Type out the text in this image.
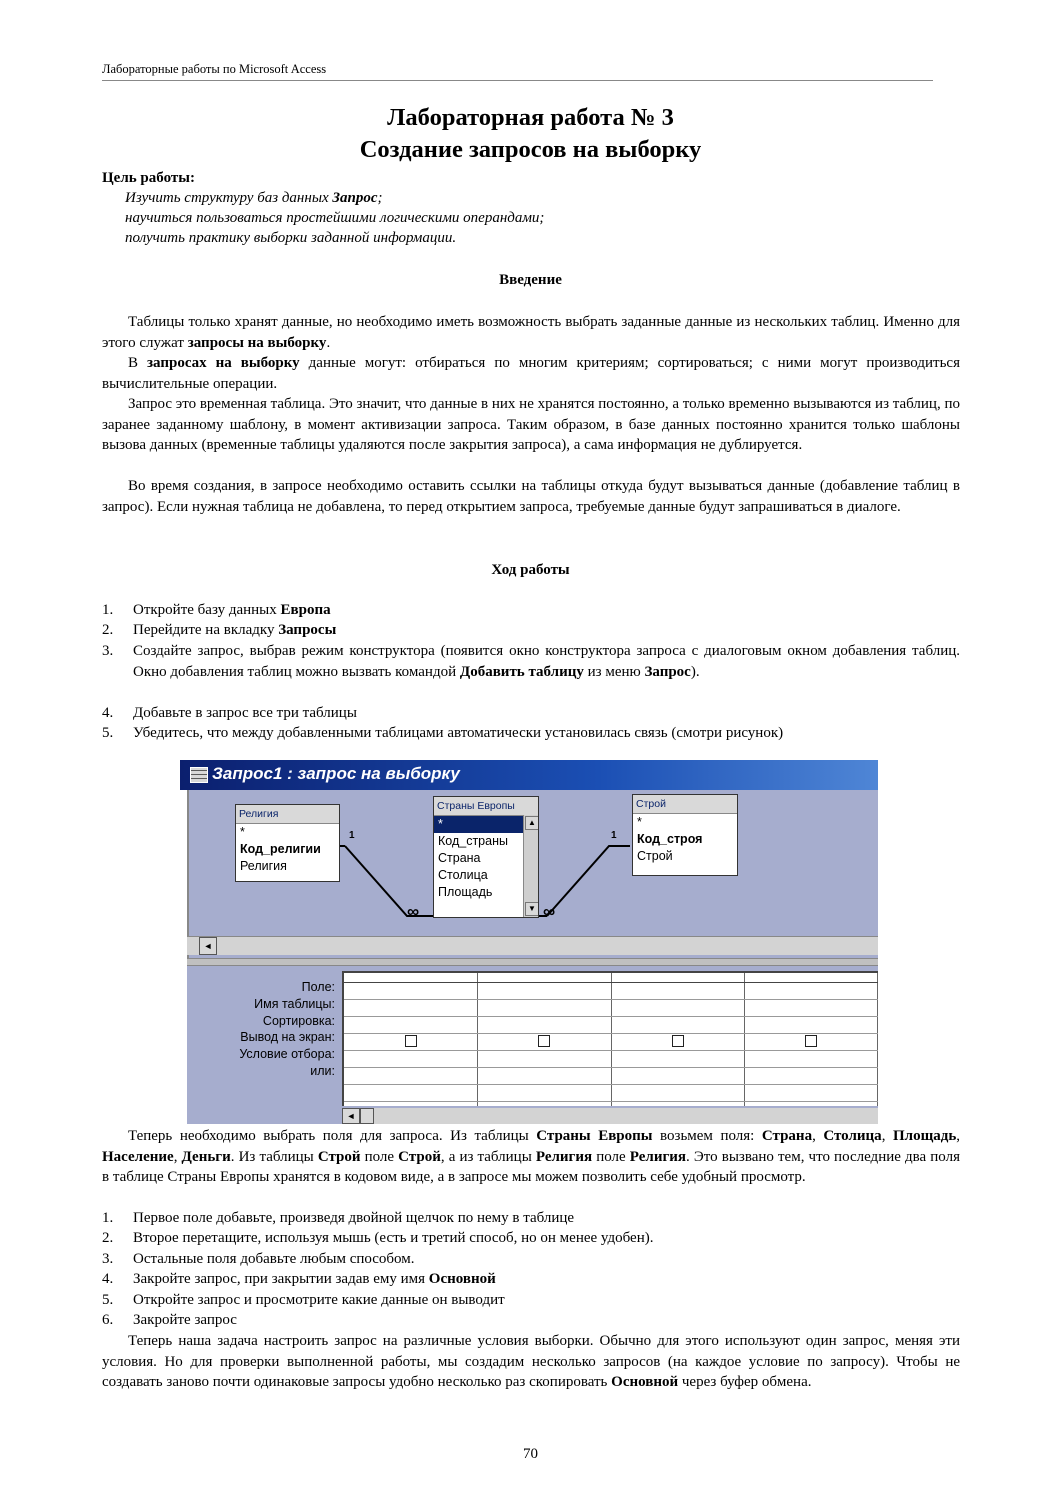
Лабораторные работы по Microsoft Access
Лабораторная работа № 3
Создание запросов на выборку
Цель работы:
Изучить структуру баз данных Запрос;
научиться пользоваться простейшими логическими операндами;
получить практику выборки заданной информации.
Введение
Таблицы только хранят данные, но необходимо иметь возможность выбрать заданные данные из нескольких таблиц. Именно для этого служат запросы на выборку.
В запросах на выборку данные могут: отбираться по многим критериям; сортироваться; с ними могут производиться вычислительные операции.
Запрос это временная таблица. Это значит, что данные в них не хранятся постоянно, а только временно вызываются из таблиц, по заранее заданному шаблону, в момент активизации запроса. Таким образом, в базе данных постоянно хранится только шаблоны вызова данных (временные таблицы удаляются после закрытия запроса), а сама информация не дублируется.
Во время создания, в запросе необходимо оставить ссылки на таблицы откуда будут вызываться данные (добавление таблиц в запрос). Если нужная таблица не добавлена, то перед открытием запроса, требуемые данные будут запрашиваться в диалоге.
Ход работы
1. Откройте базу данных Европа
2. Перейдите на вкладку Запросы
3. Создайте запрос, выбрав режим конструктора (появится окно конструктора запроса с диалоговым окном добавления таблиц. Окно добавления таблиц можно вызвать командой Добавить таблицу из меню Запрос).
4. Добавьте в запрос все три таблицы
5. Убедитесь, что между добавленными таблицами автоматически установилась связь (смотри рисунок)
Запрос1 : запрос на выборку
1
∞
1
∞
Религия
*
Код_религии
Религия
Страны Европы
*
Код_страны
Страна
Столица
Площадь
▲
▼
Строй
*
Код_строя
Строй
◄
Поле:
Имя таблицы:
Сортировка:
Вывод на экран:
Условие отбора:
или:
◄
Теперь необходимо выбрать поля для запроса. Из таблицы Страны Европы возьмем поля: Страна, Столица, Площадь, Население, Деньги. Из таблицы Строй поле Строй, а из таблицы Религия поле Религия. Это вызвано тем, что последние два поля в таблице Страны Европы хранятся в кодовом виде, а в запросе мы можем позволить себе удобный просмотр.
1. Первое поле добавьте, произведя двойной щелчок по нему в таблице
2. Второе перетащите, используя мышь (есть и третий способ, но он менее удобен).
3. Остальные поля добавьте любым способом.
4. Закройте запрос, при закрытии задав ему имя Основной
5. Откройте запрос и просмотрите какие данные он выводит
6. Закройте запрос
Теперь наша задача настроить запрос на различные условия выборки. Обычно для этого используют один запрос, меняя эти условия. Но для проверки выполненной работы, мы создадим несколько запросов (на каждое условие по запросу). Чтобы не создавать заново почти одинаковые запросы удобно несколько раз скопировать Основной через буфер обмена.
70
